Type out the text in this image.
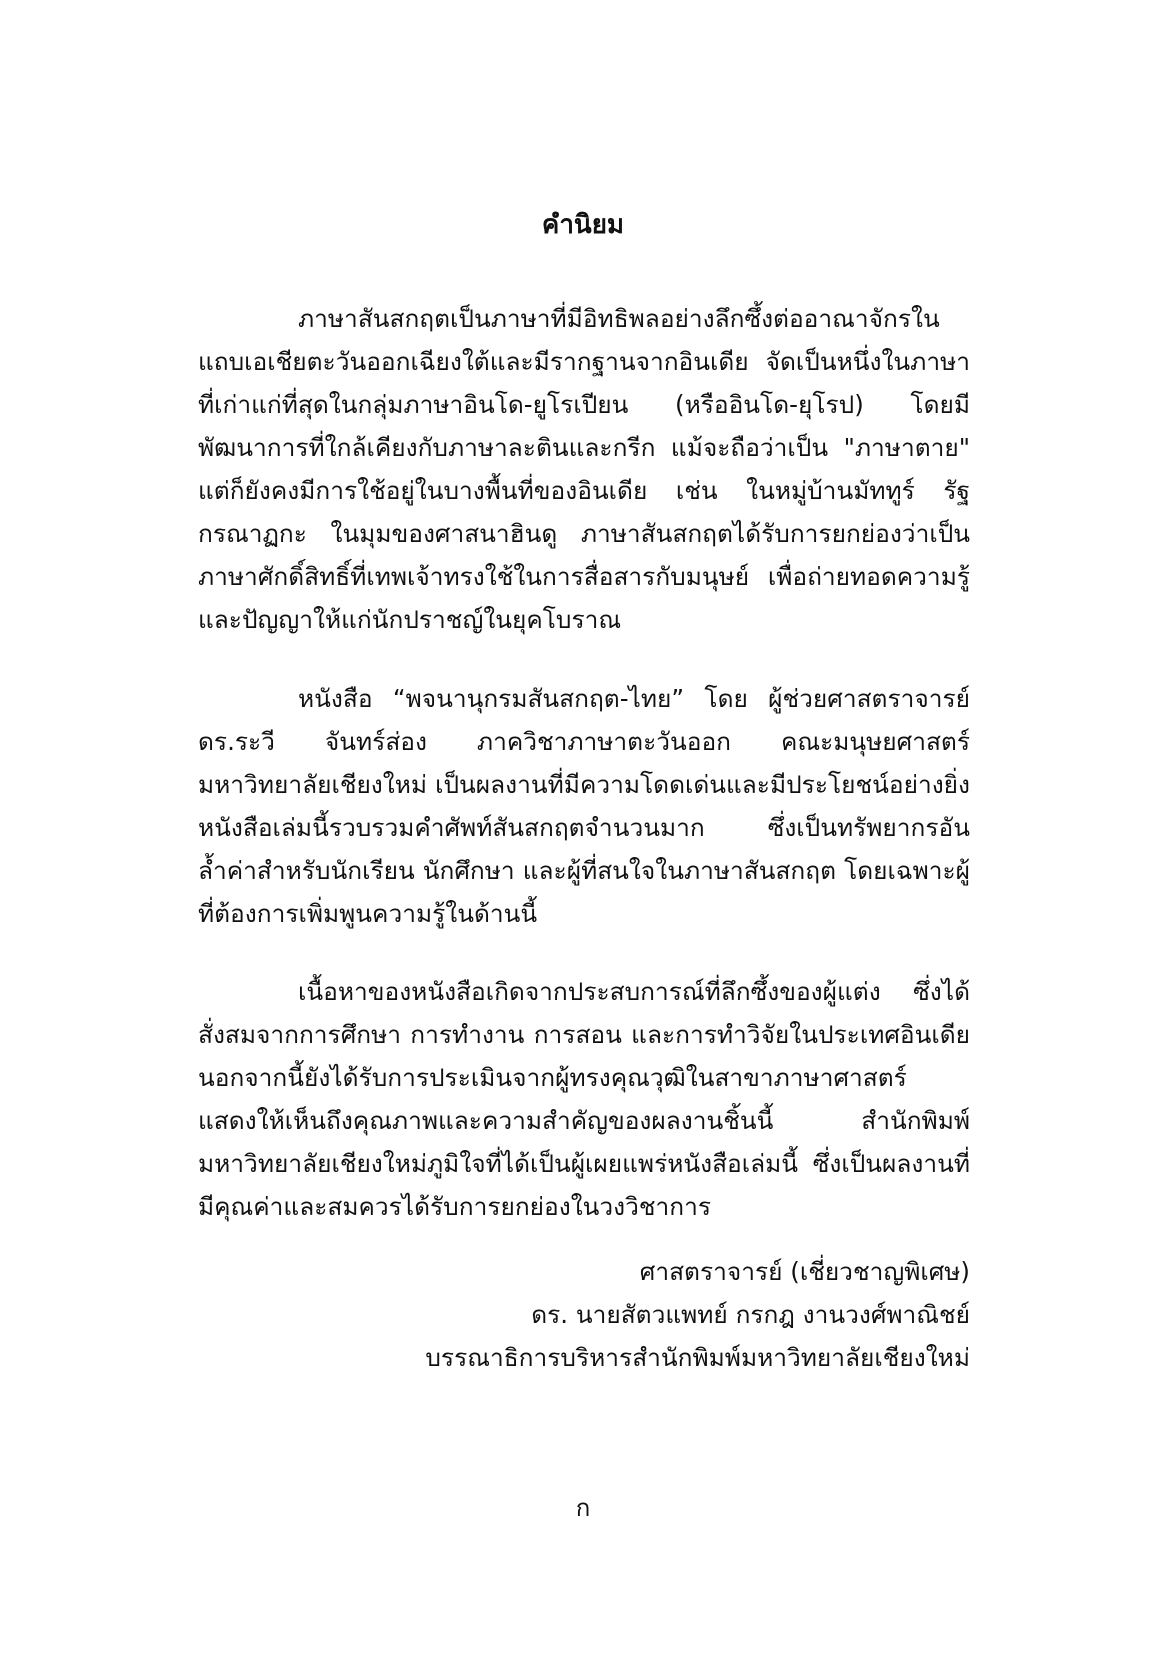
คำนิยม

ภาษาสันสกฤตเป็นภาษาที่มีอิทธิพลอย่างลึกซึ้งต่ออาณาจักรในแถบเอเชียตะวันออกเฉียงใต้และมีรากฐานจากอินเดีย จัดเป็นหนึ่งในภาษาที่เก่าแก่ที่สุดในกลุ่มภาษาอินโด-ยูโรเปียน (หรืออินโด-ยุโรป) โดยมีพัฒนาการที่ใกล้เคียงกับภาษาละตินและกรีก แม้จะถือว่าเป็น "ภาษาตาย" แต่ก็ยังคงมีการใช้อยู่ในบางพื้นที่ของอินเดีย เช่น ในหมู่บ้านมัททูร์ รัฐกรณาฏกะ ในมุมของศาสนาฮินดู ภาษาสันสกฤตได้รับการยกย่องว่าเป็นภาษาศักดิ์สิทธิ์ที่เทพเจ้าทรงใช้ในการสื่อสารกับมนุษย์ เพื่อถ่ายทอดความรู้และปัญญาให้แก่นักปราชญ์ในยุคโบราณ

หนังสือ “พจนานุกรมสันสกฤต-ไทย” โดย ผู้ช่วยศาสตราจารย์ ดร.ระวี จันทร์ส่อง ภาควิชาภาษาตะวันออก คณะมนุษยศาสตร์ มหาวิทยาลัยเชียงใหม่ เป็นผลงานที่มีความโดดเด่นและมีประโยชน์อย่างยิ่ง หนังสือเล่มนี้รวบรวมคำศัพท์สันสกฤตจำนวนมาก ซึ่งเป็นทรัพยากรอันล้ำค่าสำหรับนักเรียน นักศึกษา และผู้ที่สนใจในภาษาสันสกฤต โดยเฉพาะผู้ที่ต้องการเพิ่มพูนความรู้ในด้านนี้

เนื้อหาของหนังสือเกิดจากประสบการณ์ที่ลึกซึ้งของผู้แต่ง ซึ่งได้สั่งสมจากการศึกษา การทำงาน การสอน และการทำวิจัยในประเทศอินเดีย นอกจากนี้ยังได้รับการประเมินจากผู้ทรงคุณวุฒิในสาขาภาษาศาสตร์ แสดงให้เห็นถึงคุณภาพและความสำคัญของผลงานชิ้นนี้ สำนักพิมพ์มหาวิทยาลัยเชียงใหม่ภูมิใจที่ได้เป็นผู้เผยแพร่หนังสือเล่มนี้ ซึ่งเป็นผลงานที่มีคุณค่าและสมควรได้รับการยกย่องในวงวิชาการ

ศาสตราจารย์ (เชี่ยวชาญพิเศษ)
ดร. นายสัตวแพทย์ กรกฎ งานวงศ์พาณิชย์
บรรณาธิการบริหารสำนักพิมพ์มหาวิทยาลัยเชียงใหม่
ก
